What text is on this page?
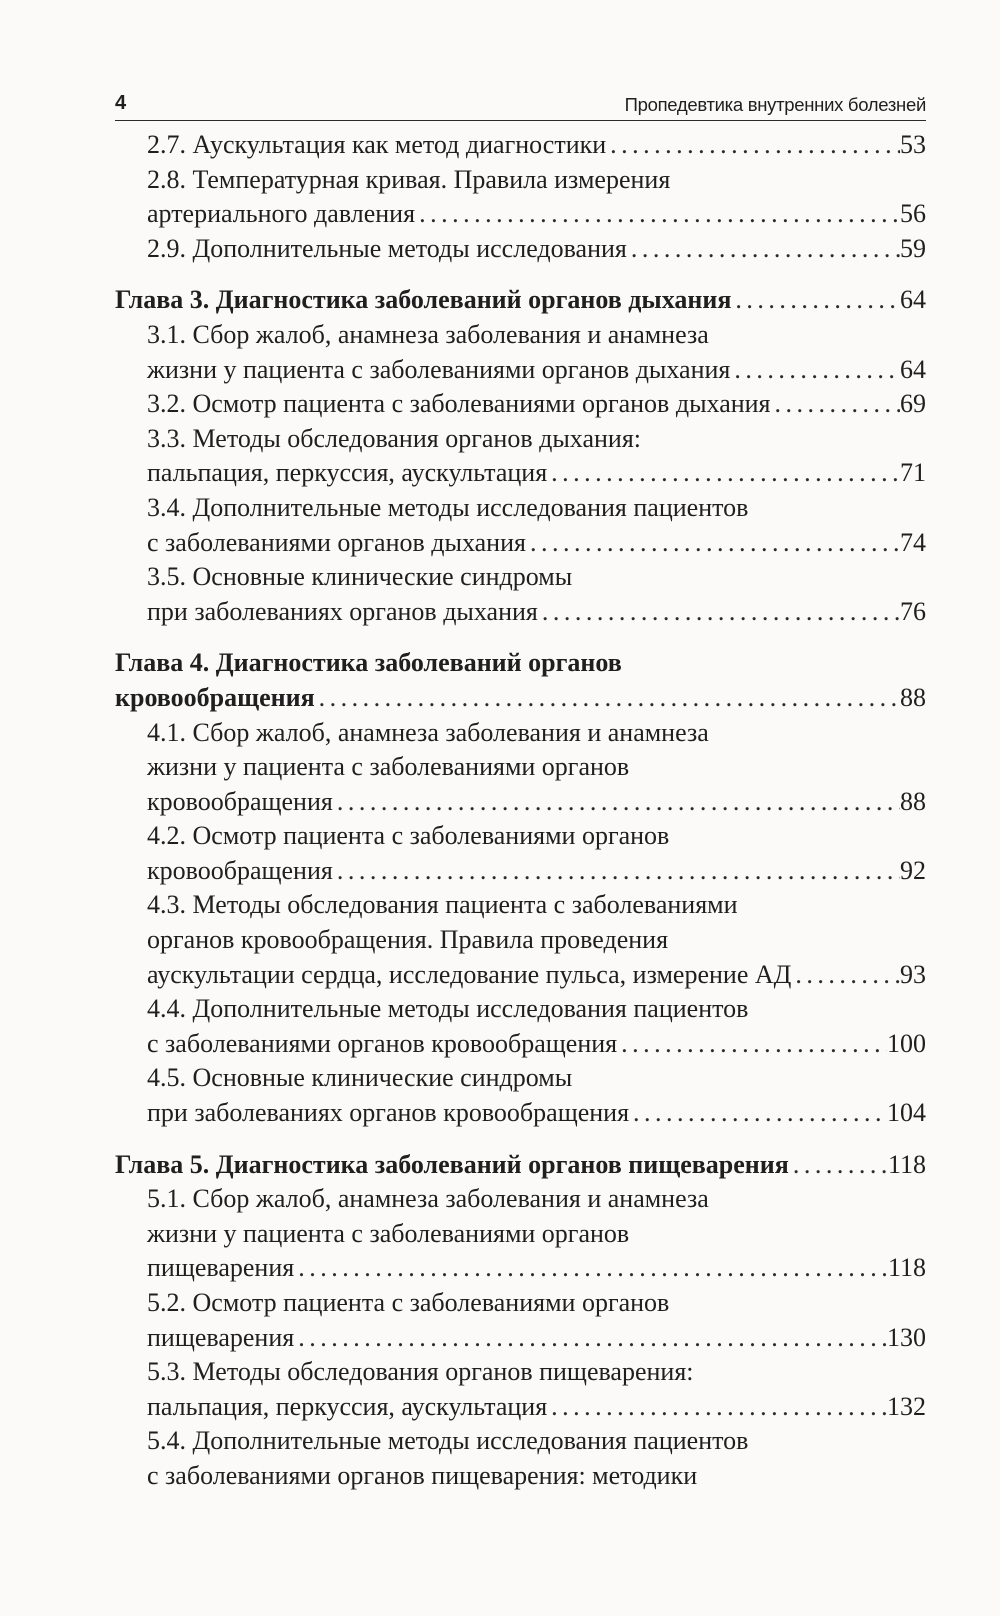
4	Пропедевтика внутренних болезней
2.7. Аускультация как метод диагностики . . .	53
2.8. Температурная кривая. Правила измерения
артериального давления . . .	56
2.9. Дополнительные методы исследования . . .	59
Глава 3. Диагностика заболеваний органов дыхания . . .	64
3.1. Сбор жалоб, анамнеза заболевания и анамнеза
жизни у пациента с заболеваниями органов дыхания . . .	64
3.2. Осмотр пациента с заболеваниями органов дыхания . . .	69
3.3. Методы обследования органов дыхания:
пальпация, перкуссия, аускультация . . .	71
3.4. Дополнительные методы исследования пациентов
с заболеваниями органов дыхания . . .	74
3.5. Основные клинические синдромы
при заболеваниях органов дыхания . . .	76
Глава 4. Диагностика заболеваний органов
кровообращения . . .	88
4.1. Сбор жалоб, анамнеза заболевания и анамнеза
жизни у пациента с заболеваниями органов
кровообращения . . .	88
4.2. Осмотр пациента с заболеваниями органов
кровообращения . . .	92
4.3. Методы обследования пациента с заболеваниями
органов кровообращения. Правила проведения
аускультации сердца, исследование пульса, измерение АД . . .	93
4.4. Дополнительные методы исследования пациентов
с заболеваниями органов кровообращения . . .	100
4.5. Основные клинические синдромы
при заболеваниях органов кровообращения . . .	104
Глава 5. Диагностика заболеваний органов пищеварения . . .	118
5.1. Сбор жалоб, анамнеза заболевания и анамнеза
жизни у пациента с заболеваниями органов
пищеварения . . .	118
5.2. Осмотр пациента с заболеваниями органов
пищеварения . . .	130
5.3. Методы обследования органов пищеварения:
пальпация, перкуссия, аускультация . . .	132
5.4. Дополнительные методы исследования пациентов
с заболеваниями органов пищеварения: методики
